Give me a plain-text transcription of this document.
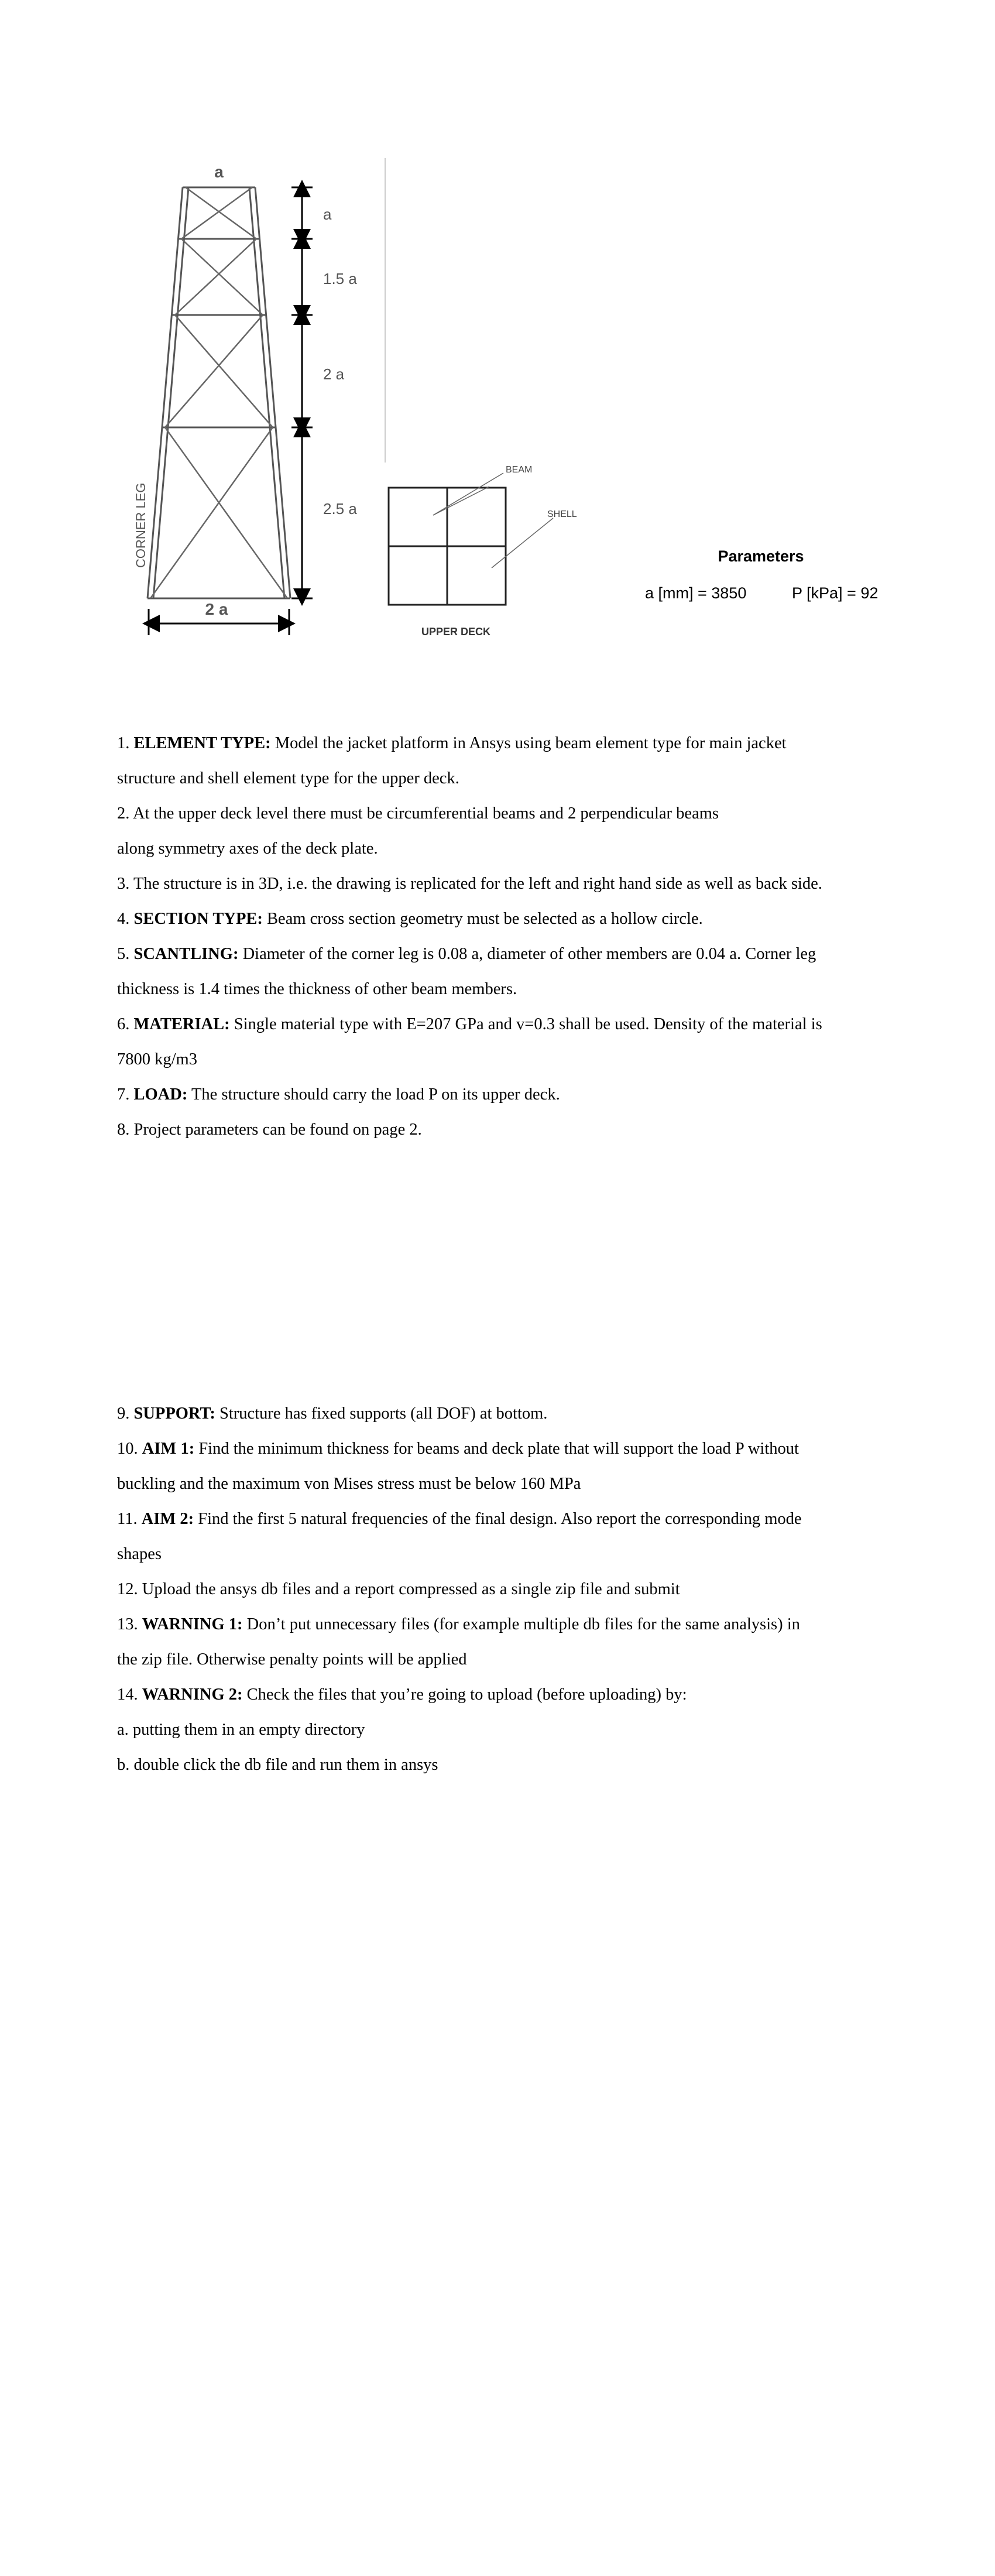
a
CORNER LEG
a
1.5 a
2 a
2.5 a
2 a
BEAM
SHELL
UPPER DECK
Parameters
a [mm] = 3850	P [kPa] = 92
1. ELEMENT TYPE: Model the jacket platform in Ansys using beam element type for main jacket
structure and shell element type for the upper deck.
2. At the upper deck level there must be circumferential beams and 2 perpendicular beams
along symmetry axes of the deck plate.
3. The structure is in 3D, i.e. the drawing is replicated for the left and right hand side as well as back side.
4. SECTION TYPE: Beam cross section geometry must be selected as a hollow circle.
5. SCANTLING: Diameter of the corner leg is 0.08 a, diameter of other members are 0.04 a. Corner leg
thickness is 1.4 times the thickness of other beam members.
6. MATERIAL: Single material type with E=207 GPa and v=0.3 shall be used. Density of the material is
7800 kg/m3
7. LOAD: The structure should carry the load P on its upper deck.
8. Project parameters can be found on page 2.
9. SUPPORT: Structure has fixed supports (all DOF) at bottom.
10. AIM 1: Find the minimum thickness for beams and deck plate that will support the load P without
buckling and the maximum von Mises stress must be below 160 MPa
11. AIM 2: Find the first 5 natural frequencies of the final design. Also report the corresponding mode
shapes
12. Upload the ansys db files and a report compressed as a single zip file and submit
13. WARNING 1: Don’t put unnecessary files (for example multiple db files for the same analysis) in
the zip file. Otherwise penalty points will be applied
14. WARNING 2: Check the files that you’re going to upload (before uploading) by:
a. putting them in an empty directory
b. double click the db file and run them in ansys
